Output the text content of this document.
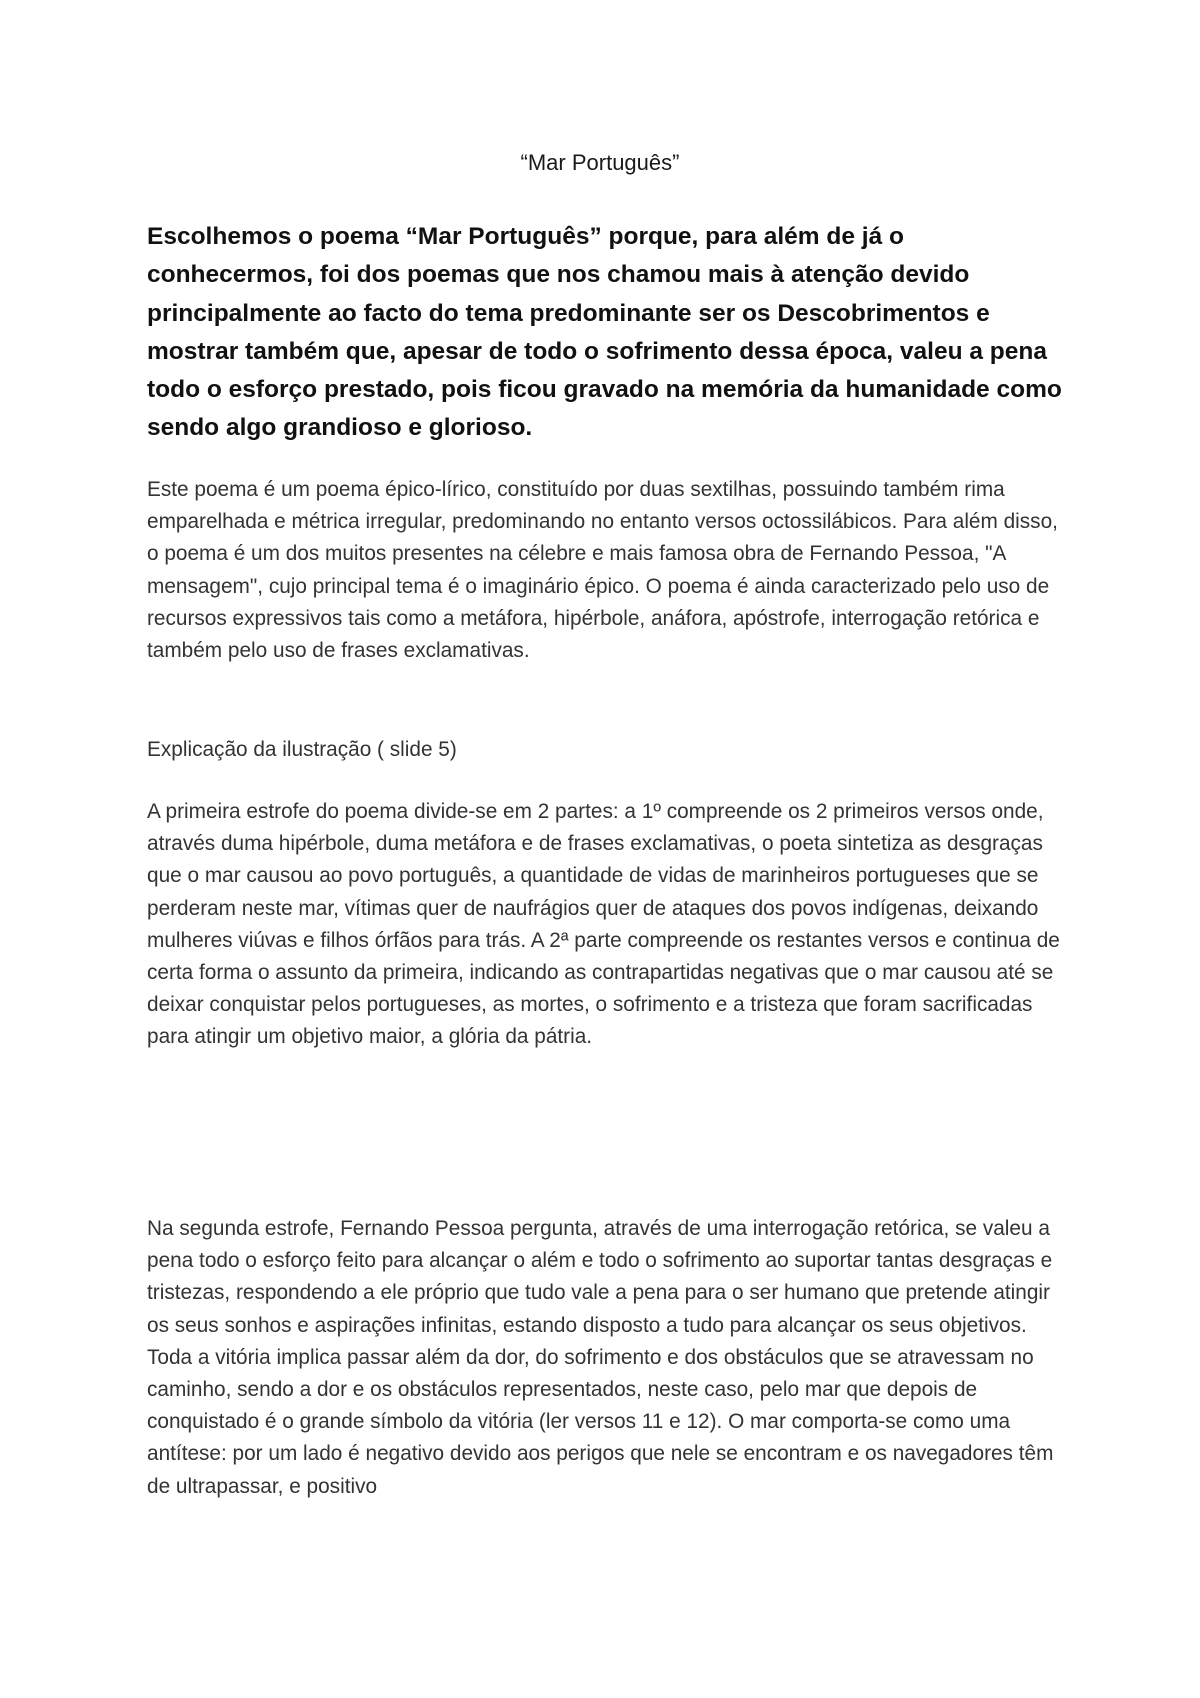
“Mar Português”

Escolhemos o poema “Mar Português” porque, para além de já o conhecermos, foi dos poemas que nos chamou mais à atenção devido principalmente ao facto do tema predominante ser os Descobrimentos e mostrar também que, apesar de todo o sofrimento dessa época, valeu a pena todo o esforço prestado, pois ficou gravado na memória da humanidade como sendo algo grandioso e glorioso.

Este poema é um poema épico-lírico, constituído por duas sextilhas, possuindo também rima emparelhada e métrica irregular, predominando no entanto versos octossilábicos. Para além disso, o poema é um dos muitos presentes na célebre e mais famosa obra de Fernando Pessoa, "A mensagem", cujo principal tema é o imaginário épico. O poema é ainda caracterizado pelo uso de recursos expressivos tais como a metáfora, hipérbole, anáfora, apóstrofe, interrogação retórica e também pelo uso de frases exclamativas.

Explicação da ilustração ( slide 5)

A primeira estrofe do poema divide-se em 2 partes: a 1º compreende os 2 primeiros versos onde, através duma hipérbole, duma metáfora e de frases exclamativas, o poeta sintetiza as desgraças que o mar causou ao povo português, a quantidade de vidas de marinheiros portugueses que se perderam neste mar, vítimas quer de naufrágios quer de ataques dos povos indígenas, deixando mulheres viúvas e filhos órfãos para trás. A 2ª parte compreende os restantes versos e continua de certa forma o assunto da primeira, indicando as contrapartidas negativas que o mar causou até se deixar conquistar pelos portugueses, as mortes, o sofrimento e a tristeza que foram sacrificadas para atingir um objetivo maior, a glória da pátria.

Na segunda estrofe, Fernando Pessoa pergunta, através de uma interrogação retórica, se valeu a pena todo o esforço feito para alcançar o além e todo o sofrimento ao suportar tantas desgraças e tristezas, respondendo a ele próprio que tudo vale a pena para o ser humano que pretende atingir os seus sonhos e aspirações infinitas, estando disposto a tudo para alcançar os seus objetivos. Toda a vitória implica passar além da dor, do sofrimento e dos obstáculos que se atravessam no caminho, sendo a dor e os obstáculos representados, neste caso, pelo mar que depois de conquistado é o grande símbolo da vitória (ler versos 11 e 12). O mar comporta-se como uma antítese: por um lado é negativo devido aos perigos que nele se encontram e os navegadores têm de ultrapassar, e positivo
